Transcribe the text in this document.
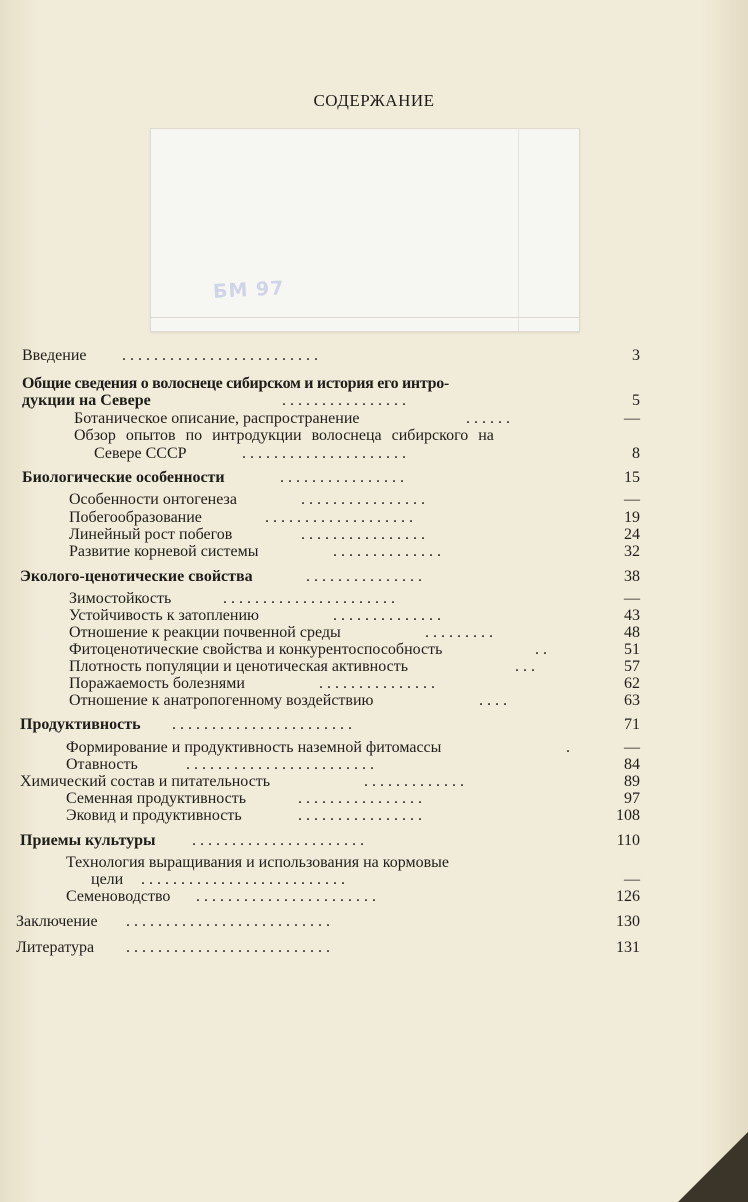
СОДЕРЖАНИЕ
БМ 97
Введение . . . . . . . . . . . . . . . . . . . . . . . . .	3
Общие сведения о волоснеце сибирском и история его интро-
дукции на Севере	. . . . . . . . . . . . . . . .	5
Ботаническое описание, распространение	. . . . . .	—
Обзор опытов по интродукции волоснеца сибирского на
Севере СССР	. . . . . . . . . . . . . . . . . . . . .	8
Биологические особенности	. . . . . . . . . . . . . . . .	15
Особенности онтогенеза	. . . . . . . . . . . . . . . .	—
Побегообразование	. . . . . . . . . . . . . . . . . . .	19
Линейный рост побегов	. . . . . . . . . . . . . . . .	24
Развитие корневой системы	. . . . . . . . . . . . . .	32
Эколого-ценотические свойства	. . . . . . . . . . . . . . .	38
Зимостойкость	. . . . . . . . . . . . . . . . . . . . . .	—
Устойчивость к затоплению	. . . . . . . . . . . . . .	43
Отношение к реакции почвенной среды	. . . . . . . . .	48
Фитоценотические свойства и конкурентоспособность	. .	51
Плотность популяции и ценотическая активность	. . .	57
Поражаемость болезнями	. . . . . . . . . . . . . . .	62
Отношение к анатропогенному воздействию	. . . .	63
Продуктивность . . . . . . . . . . . . . . . . . . . . . . .	71
Формирование и продуктивность наземной фитомассы	.	—
Отавность	. . . . . . . . . . . . . . . . . . . . . . . .	84
Химический состав и питательность	. . . . . . . . . . . . .	89
Семенная продуктивность	. . . . . . . . . . . . . . . .	97
Эковид и продуктивность	. . . . . . . . . . . . . . . .	108
Приемы культуры . . . . . . . . . . . . . . . . . . . . . .	110
Технология выращивания и использования на кормовые
цели . . . . . . . . . . . . . . . . . . . . . . . . . .	—
Семеноводство . . . . . . . . . . . . . . . . . . . . . . .	126
Заключение . . . . . . . . . . . . . . . . . . . . . . . . . .	130
Литература . . . . . . . . . . . . . . . . . . . . . . . . . .	131
